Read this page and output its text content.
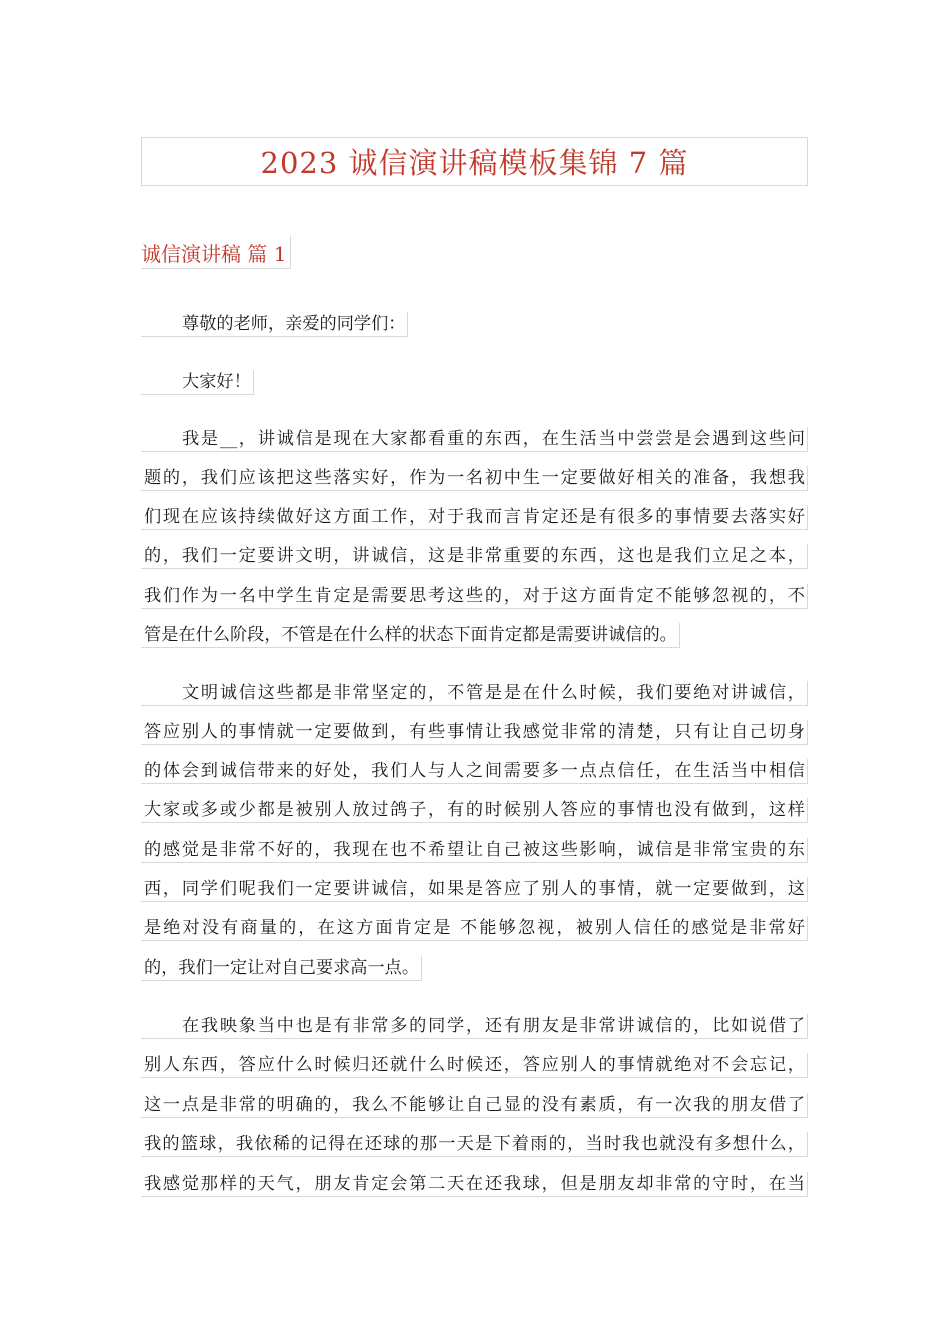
2023 诚信演讲稿模板集锦 7 篇
诚信演讲稿 篇 1
尊敬的老师，亲爱的同学们：
大家好！
我是__，讲诚信是现在大家都看重的东西，在生活当中尝尝是会遇到这些问
题的，我们应该把这些落实好，作为一名初中生一定要做好相关的准备，我想我
们现在应该持续做好这方面工作，对于我而言肯定还是有很多的事情要去落实好
的，我们一定要讲文明，讲诚信，这是非常重要的东西，这也是我们立足之本，
我们作为一名中学生肯定是需要思考这些的，对于这方面肯定不能够忽视的，不
管是在什么阶段，不管是在什么样的状态下面肯定都是需要讲诚信的。
文明诚信这些都是非常坚定的，不管是是在什么时候，我们要绝对讲诚信，
答应别人的事情就一定要做到，有些事情让我感觉非常的清楚，只有让自己切身
的体会到诚信带来的好处，我们人与人之间需要多一点点信任，在生活当中相信
大家或多或少都是被别人放过鸽子，有的时候别人答应的事情也没有做到，这样
的感觉是非常不好的，我现在也不希望让自己被这些影响，诚信是非常宝贵的东
西，同学们呢我们一定要讲诚信，如果是答应了别人的事情，就一定要做到，这
是绝对没有商量的，在这方面肯定是 不能够忽视，被别人信任的感觉是非常好
的，我们一定让对自己要求高一点。
在我映象当中也是有非常多的同学，还有朋友是非常讲诚信的，比如说借了
别人东西，答应什么时候归还就什么时候还，答应别人的事情就绝对不会忘记，
这一点是非常的明确的，我么不能够让自己显的没有素质，有一次我的朋友借了
我的篮球，我依稀的记得在还球的那一天是下着雨的，当时我也就没有多想什么，
我感觉那样的天气，朋友肯定会第二天在还我球，但是朋友却非常的守时，在当
